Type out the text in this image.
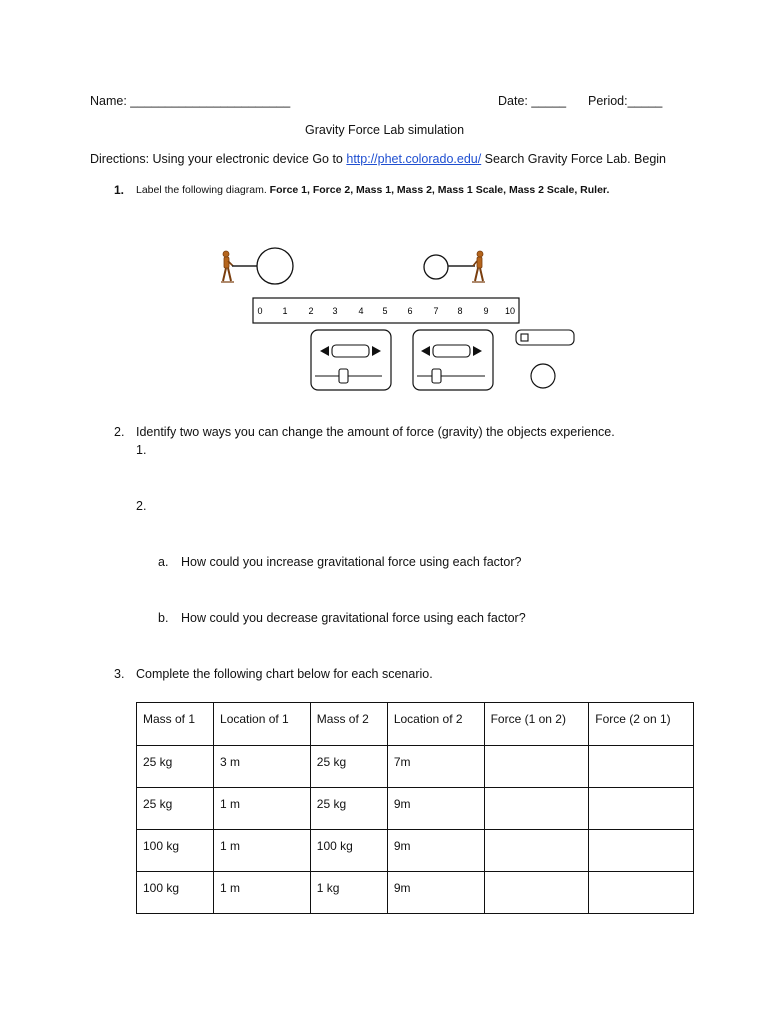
Name: _______________________	Date: _____ Period:_____
Gravity Force Lab simulation
Directions: Using your electronic device Go to http://phet.colorado.edu/ Search Gravity Force Lab. Begin
1. Label the following diagram. Force 1, Force 2, Mass 1, Mass 2, Mass 1 Scale, Mass 2 Scale, Ruler.
0 1 2 3 4 5 6 7 8 9 10
2. Identify two ways you can change the amount of force (gravity) the objects experience.
1.
2.
a. How could you increase gravitational force using each factor?
b. How could you decrease gravitational force using each factor?
3. Complete the following chart below for each scenario.
Mass of 1	Location of 1	Mass of 2	Location of 2	Force (1 on 2)	Force (2 on 1)
25 kg	3 m	25 kg	7m		
25 kg	1 m	25 kg	9m		
100 kg	1 m	100 kg	9m		
100 kg	1 m	1 kg	9m		
